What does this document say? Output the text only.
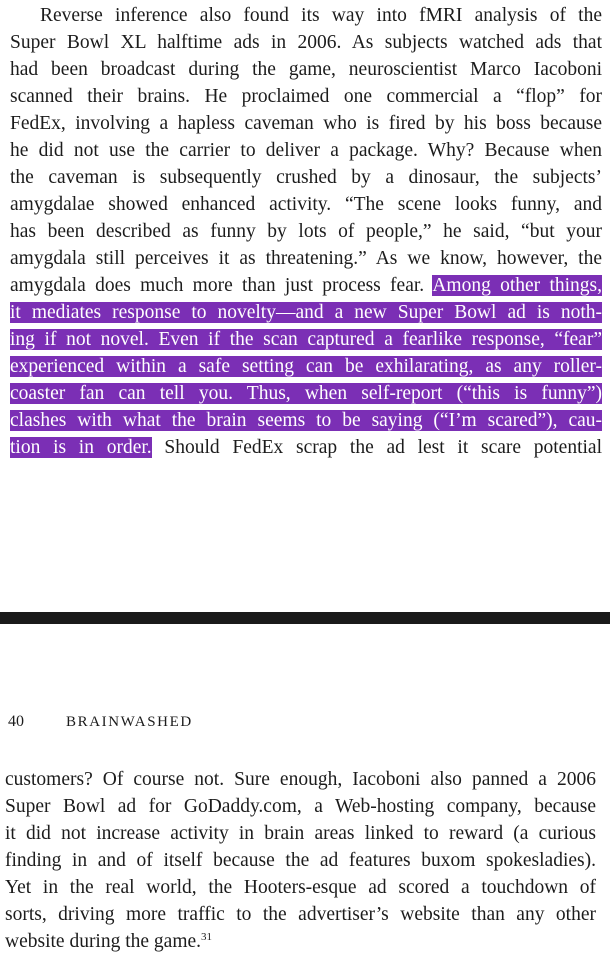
Reverse inference also found its way into fMRI analysis of the
Super Bowl XL halftime ads in 2006. As subjects watched ads that
had been broadcast during the game, neuroscientist Marco Iacoboni
scanned their brains. He proclaimed one commercial a “flop” for
FedEx, involving a hapless caveman who is fired by his boss because
he did not use the carrier to deliver a package. Why? Because when
the caveman is subsequently crushed by a dinosaur, the subjects’
amygdalae showed enhanced activity. “The scene looks funny, and
has been described as funny by lots of people,” he said, “but your
amygdala still perceives it as threatening.” As we know, however, the
amygdala does much more than just process fear. Among other things,
it mediates response to novelty—and a new Super Bowl ad is noth-
ing if not novel. Even if the scan captured a fearlike response, “fear”
experienced within a safe setting can be exhilarating, as any roller-
coaster fan can tell you. Thus, when self-report (“this is funny”)
clashes with what the brain seems to be saying (“I’m scared”), cau-
tion is in order. Should FedEx scrap the ad lest it scare potential
40	BRAINWASHED
customers? Of course not. Sure enough, Iacoboni also panned a 2006
Super Bowl ad for GoDaddy.com, a Web-hosting company, because
it did not increase activity in brain areas linked to reward (a curious
finding in and of itself because the ad features buxom spokesladies).
Yet in the real world, the Hooters-esque ad scored a touchdown of
sorts, driving more traffic to the advertiser’s website than any other
website during the game.$^{31}$
